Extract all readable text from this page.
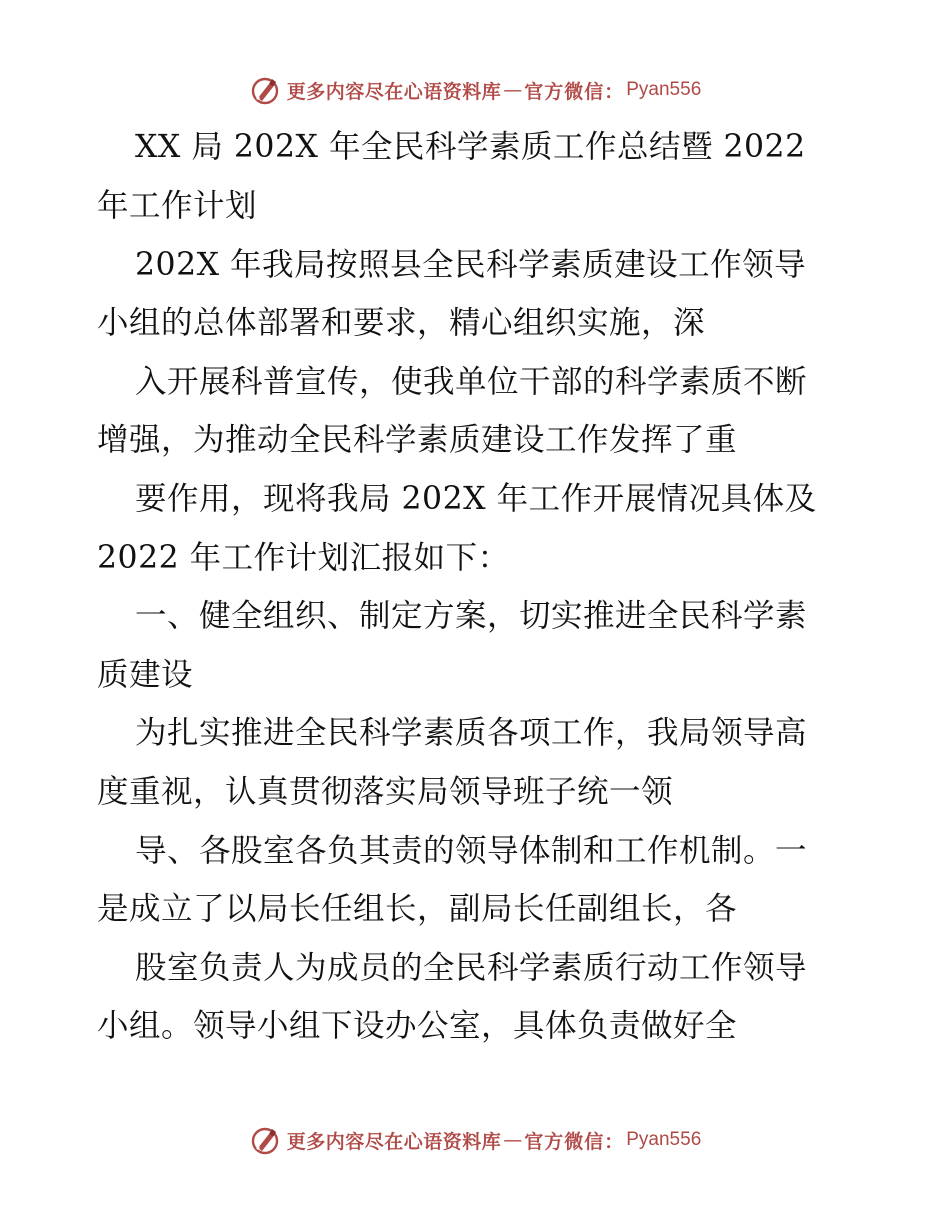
更多内容尽在心语资料库 — 官方微信： Pyan556
XX 局 202X 年全民科学素质工作总结暨 2022
年工作计划
202X 年我局按照县全民科学素质建设工作领导
小组的总体部署和要求，精心组织实施，深
入开展科普宣传，使我单位干部的科学素质不断
增强，为推动全民科学素质建设工作发挥了重
要作用，现将我局 202X 年工作开展情况具体及
2022 年工作计划汇报如下：
一、健全组织、制定方案，切实推进全民科学素
质建设
为扎实推进全民科学素质各项工作，我局领导高
度重视，认真贯彻落实局领导班子统一领
导、各股室各负其责的领导体制和工作机制。一
是成立了以局长任组长，副局长任副组长，各
股室负责人为成员的全民科学素质行动工作领导
小组。领导小组下设办公室，具体负责做好全
更多内容尽在心语资料库 — 官方微信： Pyan556
